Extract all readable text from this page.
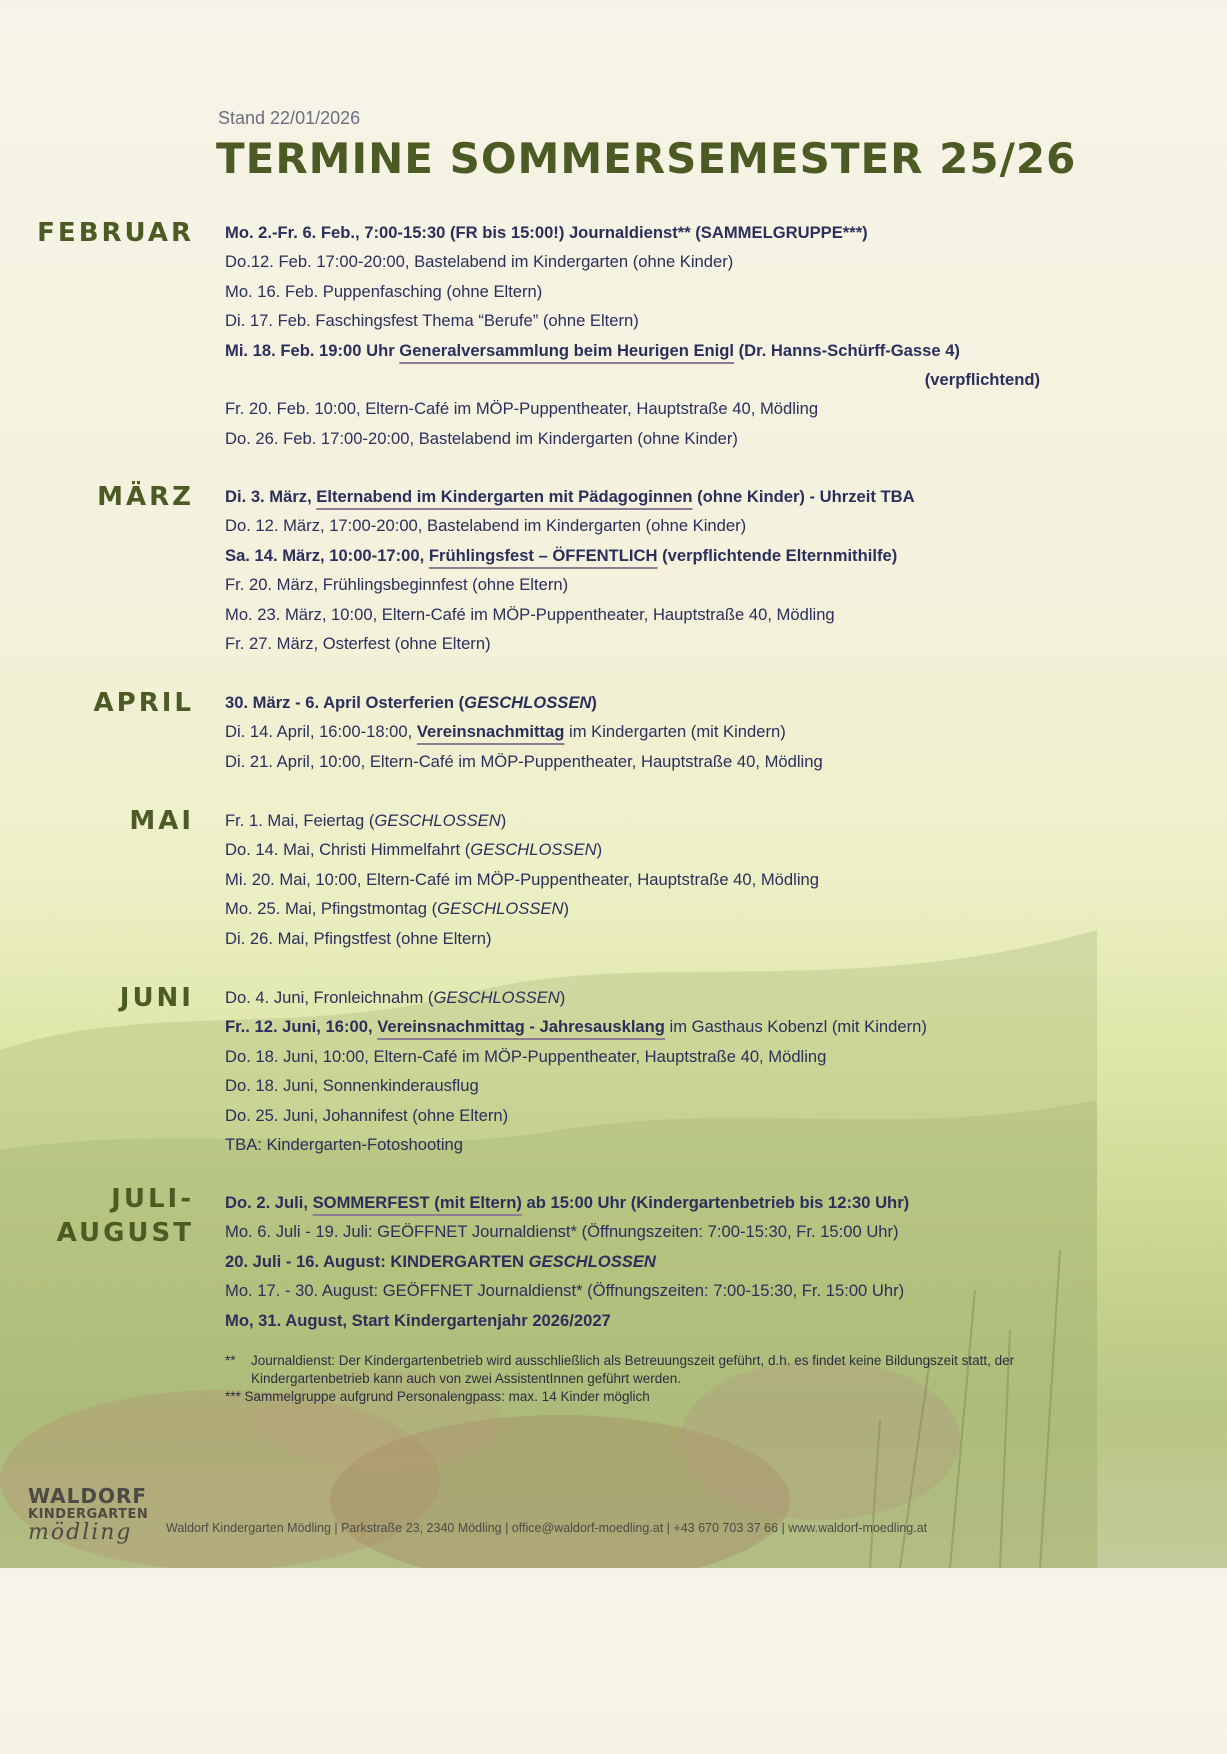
Stand 22/01/2026
TERMINE SOMMERSEMESTER 25/26
FEBRUAR Mo. 2.-Fr. 6. Feb., 7:00-15:30 (FR bis 15:00!) Journaldienst** (SAMMELGRUPPE***)
Do.12. Feb. 17:00-20:00, Bastelabend im Kindergarten (ohne Kinder)
Mo. 16. Feb. Puppenfasching (ohne Eltern)
Di. 17. Feb. Faschingsfest Thema “Berufe” (ohne Eltern)
Mi. 18. Feb. 19:00 Uhr Generalversammlung beim Heurigen Enigl (Dr. Hanns-Schürff-Gasse 4)
(verpflichtend)
Fr. 20. Feb. 10:00, Eltern-Café im MÖP-Puppentheater, Hauptstraße 40, Mödling
Do. 26. Feb. 17:00-20:00, Bastelabend im Kindergarten (ohne Kinder)
MÄRZ Di. 3. März, Elternabend im Kindergarten mit Pädagoginnen (ohne Kinder) - Uhrzeit TBA
Do. 12. März, 17:00-20:00, Bastelabend im Kindergarten (ohne Kinder)
Sa. 14. März, 10:00-17:00, Frühlingsfest – ÖFFENTLICH (verpflichtende Elternmithilfe)
Fr. 20. März, Frühlingsbeginnfest (ohne Eltern)
Mo. 23. März, 10:00, Eltern-Café im MÖP-Puppentheater, Hauptstraße 40, Mödling
Fr. 27. März, Osterfest (ohne Eltern)
APRIL 30. März - 6. April Osterferien (GESCHLOSSEN)
Di. 14. April, 16:00-18:00, Vereinsnachmittag im Kindergarten (mit Kindern)
Di. 21. April, 10:00, Eltern-Café im MÖP-Puppentheater, Hauptstraße 40, Mödling
MAI Fr. 1. Mai, Feiertag (GESCHLOSSEN)
Do. 14. Mai, Christi Himmelfahrt (GESCHLOSSEN)
Mi. 20. Mai, 10:00, Eltern-Café im MÖP-Puppentheater, Hauptstraße 40, Mödling
Mo. 25. Mai, Pfingstmontag (GESCHLOSSEN)
Di. 26. Mai, Pfingstfest (ohne Eltern)
JUNI Do. 4. Juni, Fronleichnahm (GESCHLOSSEN)
Fr.. 12. Juni, 16:00, Vereinsnachmittag - Jahresausklang im Gasthaus Kobenzl (mit Kindern)
Do. 18. Juni, 10:00, Eltern-Café im MÖP-Puppentheater, Hauptstraße 40, Mödling
Do. 18. Juni, Sonnenkinderausflug
Do. 25. Juni, Johannifest (ohne Eltern)
TBA: Kindergarten-Fotoshooting
JULI-
AUGUST
Do. 2. Juli, SOMMERFEST (mit Eltern) ab 15:00 Uhr (Kindergartenbetrieb bis 12:30 Uhr)
Mo. 6. Juli - 19. Juli: GEÖFFNET Journaldienst* (Öffnungszeiten: 7:00-15:30, Fr. 15:00 Uhr)
20. Juli - 16. August: KINDERGARTEN GESCHLOSSEN
Mo. 17. - 30. August: GEÖFFNET Journaldienst* (Öffnungszeiten: 7:00-15:30, Fr. 15:00 Uhr)
Mo, 31. August, Start Kindergartenjahr 2026/2027
**	Journaldienst: Der Kindergartenbetrieb wird ausschließlich als Betreuungszeit geführt, d.h. es findet keine Bildungszeit statt, der Kindergartenbetrieb kann auch von zwei AssistentInnen geführt werden.
*** Sammelgruppe aufgrund Personalengpass: max. 14 Kinder möglich
WALDORF
KINDERGARTEN
mödling	Waldorf Kindergarten Mödling | Parkstraße 23, 2340 Mödling | office@waldorf-moedling.at | +43 670 703 37 66 | www.waldorf-moedling.at
